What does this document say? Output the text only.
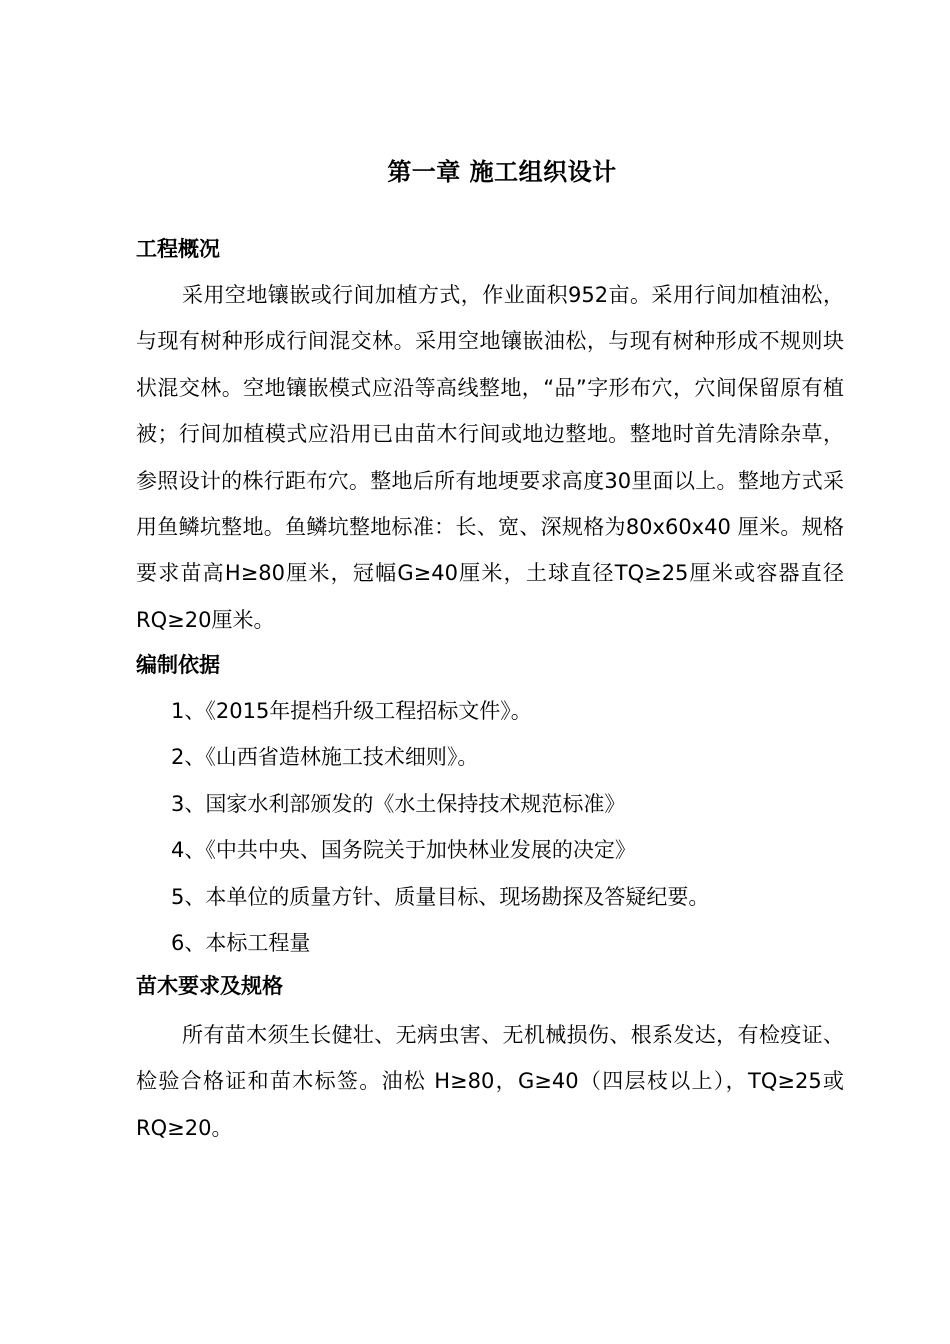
第一章 施工组织设计
工程概况

采用空地镶嵌或行间加植方式，作业面积952亩。采用行间加植油松，与现有树种形成行间混交林。采用空地镶嵌油松，与现有树种形成不规则块状混交林。空地镶嵌模式应沿等高线整地，“品”字形布穴，穴间保留原有植被；行间加植模式应沿用已由苗木行间或地边整地。整地时首先清除杂草，参照设计的株行距布穴。整地后所有地埂要求高度30里面以上。整地方式采用鱼鳞坑整地。鱼鳞坑整地标准：长、宽、深规格为80x60x40 厘米。规格要求苗高H≥80厘米，冠幅G≥40厘米，土球直径TQ≥25厘米或容器直径RQ≥20厘米。

编制依据
1、《2015年提档升级工程招标文件》。
2、《山西省造林施工技术细则》。
3、国家水利部颁发的《水土保持技术规范标准》
4、《中共中央、国务院关于加快林业发展的决定》
5、本单位的质量方针、质量目标、现场勘探及答疑纪要。
6、本标工程量
苗木要求及规格

所有苗木须生长健壮、无病虫害、无机械损伤、根系发达，有检疫证、检验合格证和苗木标签。油松 H≥80，G≥40（四层枝以上），TQ≥25或RQ≥20。
